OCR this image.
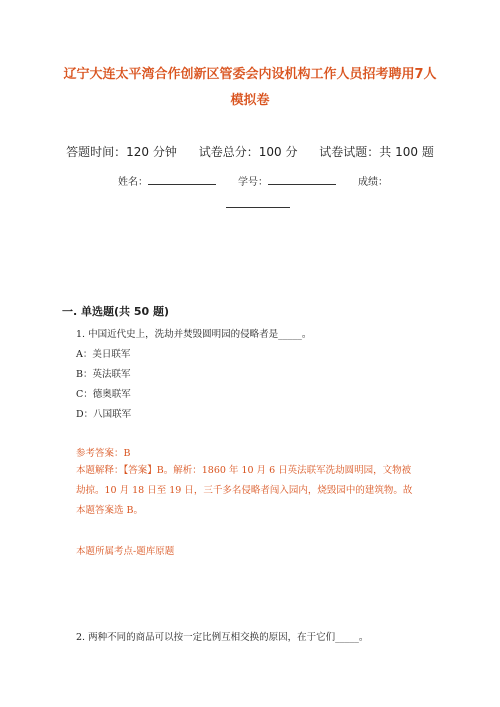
辽宁大连太平湾合作创新区管委会内设机构工作人员招考聘用7人
模拟卷
答题时间：120 分钟 试卷总分：100 分 试卷试题：共 100 题
姓名：	学号：	成绩：
一. 单选题(共 50 题)
1. 中国近代史上，洗劫并焚毁圆明园的侵略者是_____。
A：美日联军
B：英法联军
C：德奥联军
D：八国联军
参考答案：B
本题解释：【答案】B。解析：1860 年 10 月 6 日英法联军洗劫圆明园，文物被
劫掠。10 月 18 日至 19 日，三千多名侵略者闯入园内，烧毁园中的建筑物。故
本题答案选 B。
本题所属考点-题库原题
2. 两种不同的商品可以按一定比例互相交换的原因，在于它们_____。
